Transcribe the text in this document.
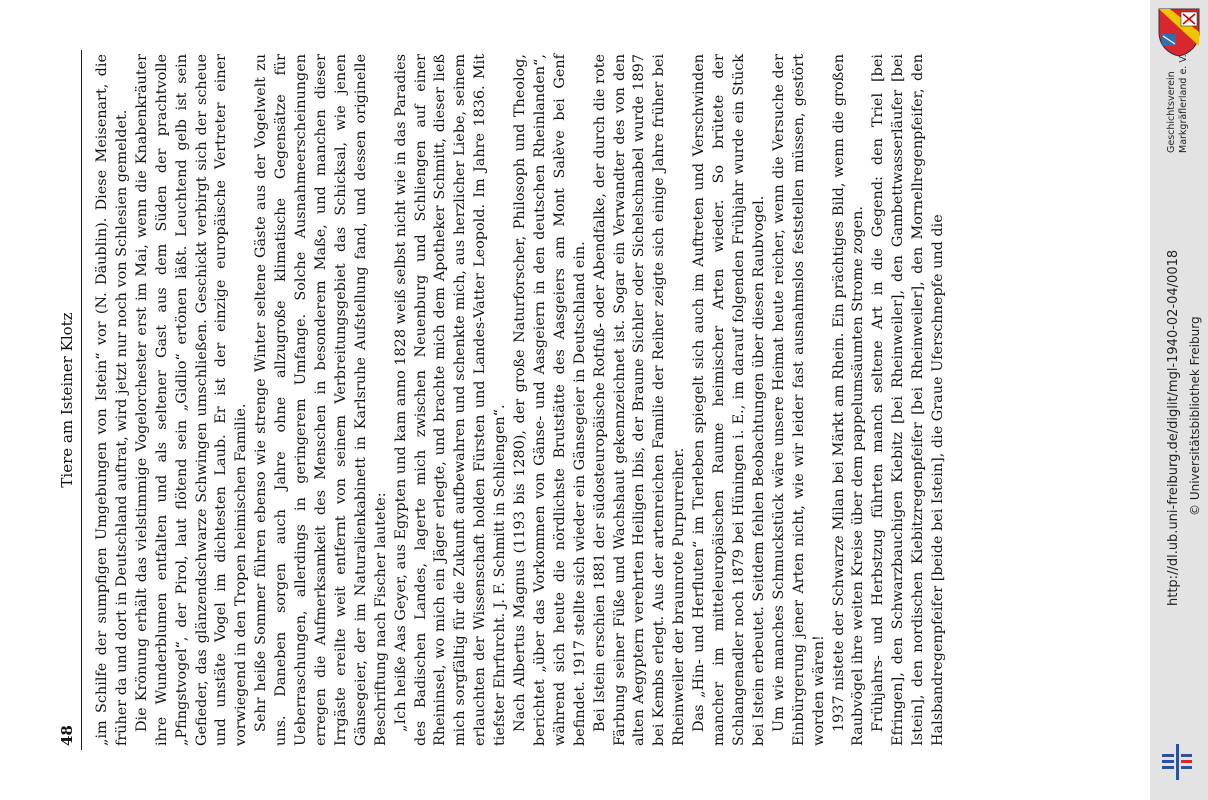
48
Tiere am Isteiner Klotz „im Schilfe der sumpfigen Umgebungen von Istein“ vor (N. Däublin). Diese Meisenart, die früher da und dort in Deutschland auftrat, wird jetzt nur noch von Schlesien gemeldet. Die Krönung erhält das vielstimmige Vogelorchester erst im Mai, wenn die Knabenkräuter ihre Wunderblumen entfalten und als seltener Gast aus dem Süden der prachtvolle „Pfingstvogel“, der Pirol, laut flötend sein „Gidlio“ ertönen läßt. Leuchtend gelb ist sein Gefieder, das glänzendschwarze Schwingen umschließen. Geschickt verbirgt sich der scheue und unstäte Vogel im dichtesten Laub. Er ist der einzige europäische Vertreter einer vorwiegend in den Tropen heimischen Familie. Sehr heiße Sommer führen ebenso wie strenge Winter seltene Gäste aus der Vogelwelt zu uns. Daneben sorgen auch Jahre ohne allzugroße klimatische Gegensätze für Ueberraschungen, allerdings in geringerem Umfange. Solche Ausnahmeerscheinungen erregen die Aufmerksamkeit des Menschen in besonderem Maße, und manchen dieser Irrgäste ereilte weit entfernt von seinem Verbreitungsgebiet das Schicksal, wie jenen Gänsegeier, der im Naturalienkabinett in Karlsruhe Aufstellung fand, und dessen originelle Beschriftung nach Fischer lautete: „Ich heiße Aas Geyer, aus Egypten und kam anno 1828 weiß selbst nicht wie in das Paradies des Badischen Landes, lagerte mich zwischen Neuenburg und Schliengen auf einer Rheininsel, wo mich ein Jäger erlegte, und brachte mich dem Apotheker Schmitt, dieser ließ mich sorgfältig für die Zukunft aufbewahren und schenkte mich, aus herzlicher Liebe, seinem erlauchten der Wissenschaft holden Fürsten und Landes-Vatter Leopold. Im Jahre 1836. Mit tiefster Ehrfurcht. J. F. Schmitt in Schliengen“. Nach Albertus Magnus (1193 bis 1280), der große Naturforscher, Philosoph und Theolog, berichtet „über das Vorkommen von Gänse- und Aasgeiern in den deutschen Rheinlanden“, während sich heute die nördlichste Brutstätte des Aasgeiers am Mont Salève bei Genf befindet. 1917 stellte sich wieder ein Gänsegeier in Deutschland ein. Bei Istein erschien 1881 der südosteuropäische Rotfuß- oder Abendfalke, der durch die rote Färbung seiner Füße und Wachshaut gekennzeichnet ist. Sogar ein Verwandter des von den alten Aegyptern verehrten Heiligen Ibis, der Braune Sichler oder Sichelschnabel wurde 1897 bei Kembs erlegt. Aus der artenreichen Familie der Reiher zeigte sich einige Jahre früher bei Rheinweiler der braunrote Purpurreiher. Das „Hin- und Herfluten“ im Tierleben spiegelt sich auch im Auftreten und Verschwinden mancher im mitteleuropäischen Raume heimischer Arten wieder. So brütete der Schlangenadler noch 1879 bei Hüningen i. E., im darauf folgenden Frühjahr wurde ein Stück bei Istein erbeutet. Seitdem fehlen Beobachtungen über diesen Raubvogel. Um wie manches Schmuckstück wäre unsere Heimat heute reicher, wenn die Versuche der Einbürgerung jener Arten nicht, wie wir leider fast ausnahmslos feststellen müssen, gestört worden wären! 1937 nistete der Schwarze Milan bei Märkt am Rhein. Ein prächtiges Bild, wenn die großen Raubvögel ihre weiten Kreise über dem pappelumsäumten Strome zogen. Frühjahrs- und Herbstzug führten manch seltene Art in die Gegend: den Triel [bei Efringen], den Schwarzbauchigen Kiebitz [bei Rheinweiler], den Gambettwasserläufer [bei Istein], den nordischen Kiebitzregenpfeifer [bei Rheinweiler], den Mornellregenpfeifer, den Halsbandregenpfeifer [beide bei Istein], die Graue Uferschnepfe und die

Geschichtsverein Markgräflerland e. V.
http://dl.ub.uni-freiburg.de/diglit/mgl-1940-02-04/0018 © Universitätsbibliothek Freiburg
